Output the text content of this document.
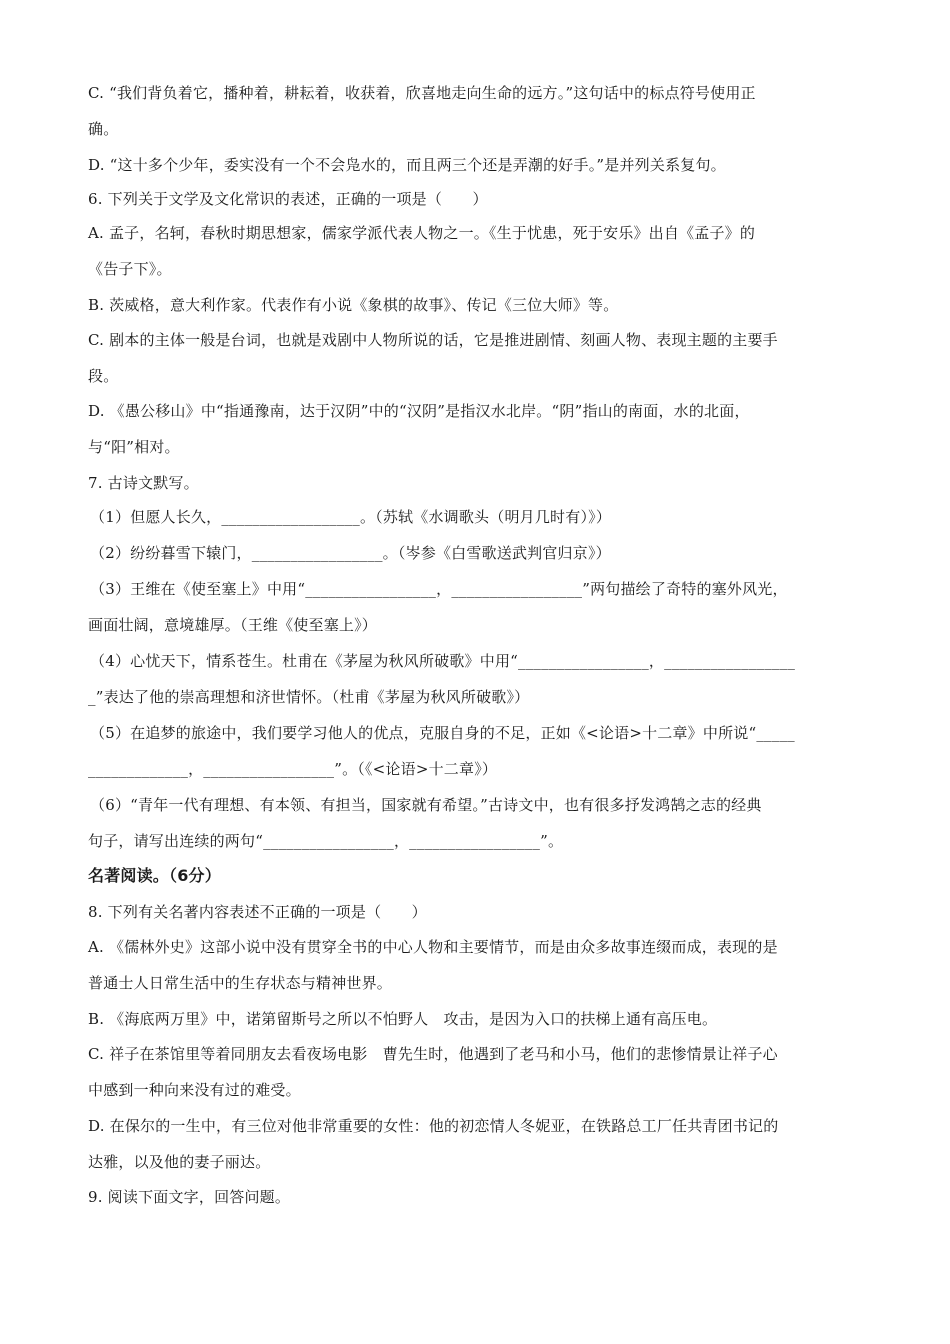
C. “我们背负着它，播种着，耕耘着，收获着，欣喜地走向生命的远方。”这句话中的标点符号使用正
确。
D. “这十多个少年，委实没有一个不会凫水的，而且两三个还是弄潮的好手。”是并列关系复句。
6. 下列关于文学及文化常识的表述，正确的一项是（　　）
A. 孟子，名轲，春秋时期思想家，儒家学派代表人物之一。《生于忧患，死于安乐》出自《孟子》的
《告子下》。
B. 茨威格，意大利作家。代表作有小说《象棋的故事》、传记《三位大师》等。
C. 剧本的主体一般是台词，也就是戏剧中人物所说的话，它是推进剧情、刻画人物、表现主题的主要手
段。
D. 《愚公移山》中“指通豫南，达于汉阴”中的“汉阴”是指汉水北岸。“阴”指山的南面，水的北面，
与“阳”相对。
7. 古诗文默写。
（1）但愿人长久，__________________。（苏轼《水调歌头（明月几时有）》）
（2）纷纷暮雪下辕门，_________________。（岑参《白雪歌送武判官归京》）
（3）王维在《使至塞上》中用“_________________，_________________”两句描绘了奇特的塞外风光，
画面壮阔，意境雄厚。（王维《使至塞上》）
（4）心忧天下，情系苍生。杜甫在《茅屋为秋风所破歌》中用“_________________，_________________
_”表达了他的崇高理想和济世情怀。（杜甫《茅屋为秋风所破歌》）
（5）在追梦的旅途中，我们要学习他人的优点，克服自身的不足，正如《<论语>十二章》中所说“_____
_____________，_________________”。（《<论语>十二章》）
（6）“青年一代有理想、有本领、有担当，国家就有希望。”古诗文中，也有很多抒发鸿鹄之志的经典
句子，请写出连续的两句“_________________，_________________”。
名著阅读。（6分）
8. 下列有关名著内容表述不正确的一项是（　　）
A. 《儒林外史》这部小说中没有贯穿全书的中心人物和主要情节，而是由众多故事连缀而成，表现的是
普通士人日常生活中的生存状态与精神世界。
B. 《海底两万里》中，诺第留斯号之所以不怕野人　攻击，是因为入口的扶梯上通有高压电。
C. 祥子在茶馆里等着同朋友去看夜场电影　曹先生时，他遇到了老马和小马，他们的悲惨情景让祥子心
中感到一种向来没有过的难受。
D. 在保尔的一生中，有三位对他非常重要的女性：他的初恋情人冬妮亚，在铁路总工厂任共青团书记的
达雅，以及他的妻子丽达。
9. 阅读下面文字，回答问题。
